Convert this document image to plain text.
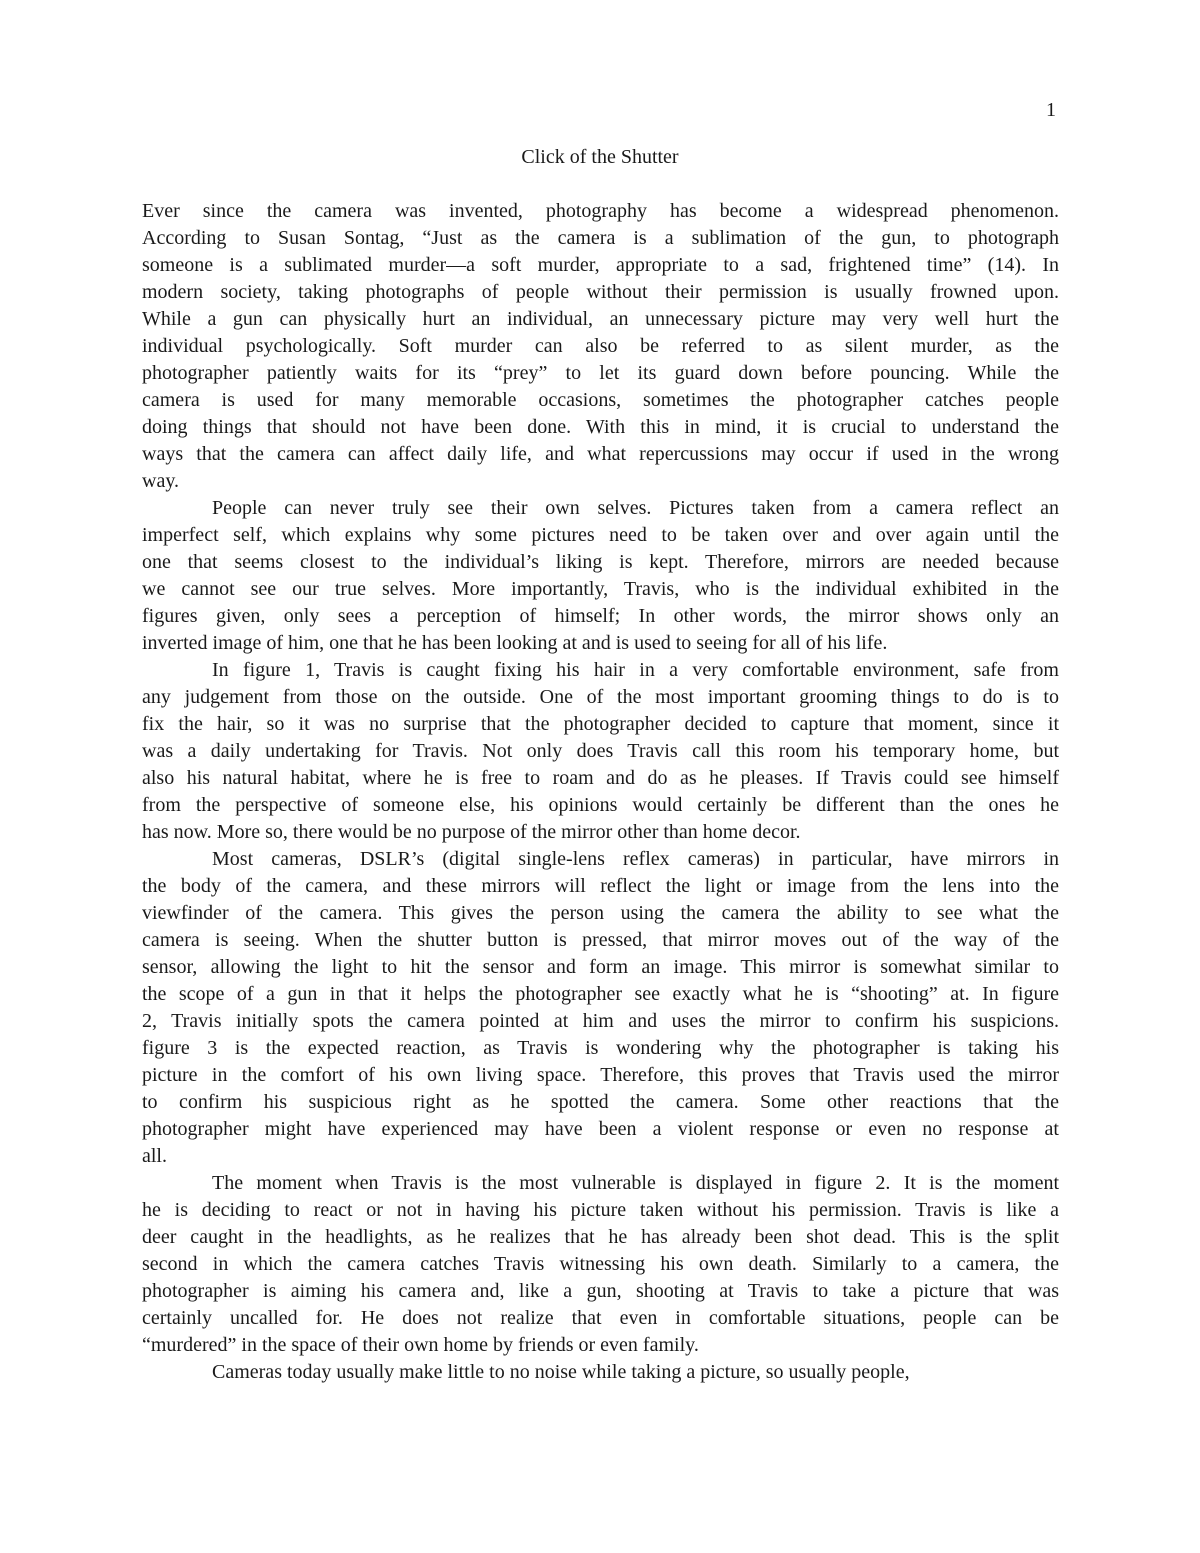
1
Click of the Shutter
Ever since the camera was invented, photography has become a widespread phenomenon.
According to Susan Sontag, “Just as the camera is a sublimation of the gun, to photograph
someone is a sublimated murder—a soft murder, appropriate to a sad, frightened time” (14). In
modern society, taking photographs of people without their permission is usually frowned upon.
While a gun can physically hurt an individual, an unnecessary picture may very well hurt the
individual psychologically. Soft murder can also be referred to as silent murder, as the
photographer patiently waits for its “prey” to let its guard down before pouncing. While the
camera is used for many memorable occasions, sometimes the photographer catches people
doing things that should not have been done. With this in mind, it is crucial to understand the
ways that the camera can affect daily life, and what repercussions may occur if used in the wrong
way.
People can never truly see their own selves. Pictures taken from a camera reflect an
imperfect self, which explains why some pictures need to be taken over and over again until the
one that seems closest to the individual’s liking is kept. Therefore, mirrors are needed because
we cannot see our true selves. More importantly, Travis, who is the individual exhibited in the
figures given, only sees a perception of himself; In other words, the mirror shows only an
inverted image of him, one that he has been looking at and is used to seeing for all of his life.
In figure 1, Travis is caught fixing his hair in a very comfortable environment, safe from
any judgement from those on the outside. One of the most important grooming things to do is to
fix the hair, so it was no surprise that the photographer decided to capture that moment, since it
was a daily undertaking for Travis. Not only does Travis call this room his temporary home, but
also his natural habitat, where he is free to roam and do as he pleases. If Travis could see himself
from the perspective of someone else, his opinions would certainly be different than the ones he
has now. More so, there would be no purpose of the mirror other than home decor.
Most cameras, DSLR’s (digital single-lens reflex cameras) in particular, have mirrors in
the body of the camera, and these mirrors will reflect the light or image from the lens into the
viewfinder of the camera. This gives the person using the camera the ability to see what the
camera is seeing. When the shutter button is pressed, that mirror moves out of the way of the
sensor, allowing the light to hit the sensor and form an image. This mirror is somewhat similar to
the scope of a gun in that it helps the photographer see exactly what he is “shooting” at. In figure
2, Travis initially spots the camera pointed at him and uses the mirror to confirm his suspicions.
figure 3 is the expected reaction, as Travis is wondering why the photographer is taking his
picture in the comfort of his own living space. Therefore, this proves that Travis used the mirror
to confirm his suspicious right as he spotted the camera. Some other reactions that the
photographer might have experienced may have been a violent response or even no response at
all.
The moment when Travis is the most vulnerable is displayed in figure 2. It is the moment
he is deciding to react or not in having his picture taken without his permission. Travis is like a
deer caught in the headlights, as he realizes that he has already been shot dead. This is the split
second in which the camera catches Travis witnessing his own death. Similarly to a camera, the
photographer is aiming his camera and, like a gun, shooting at Travis to take a picture that was
certainly uncalled for. He does not realize that even in comfortable situations, people can be
“murdered” in the space of their own home by friends or even family.
Cameras today usually make little to no noise while taking a picture, so usually people,
